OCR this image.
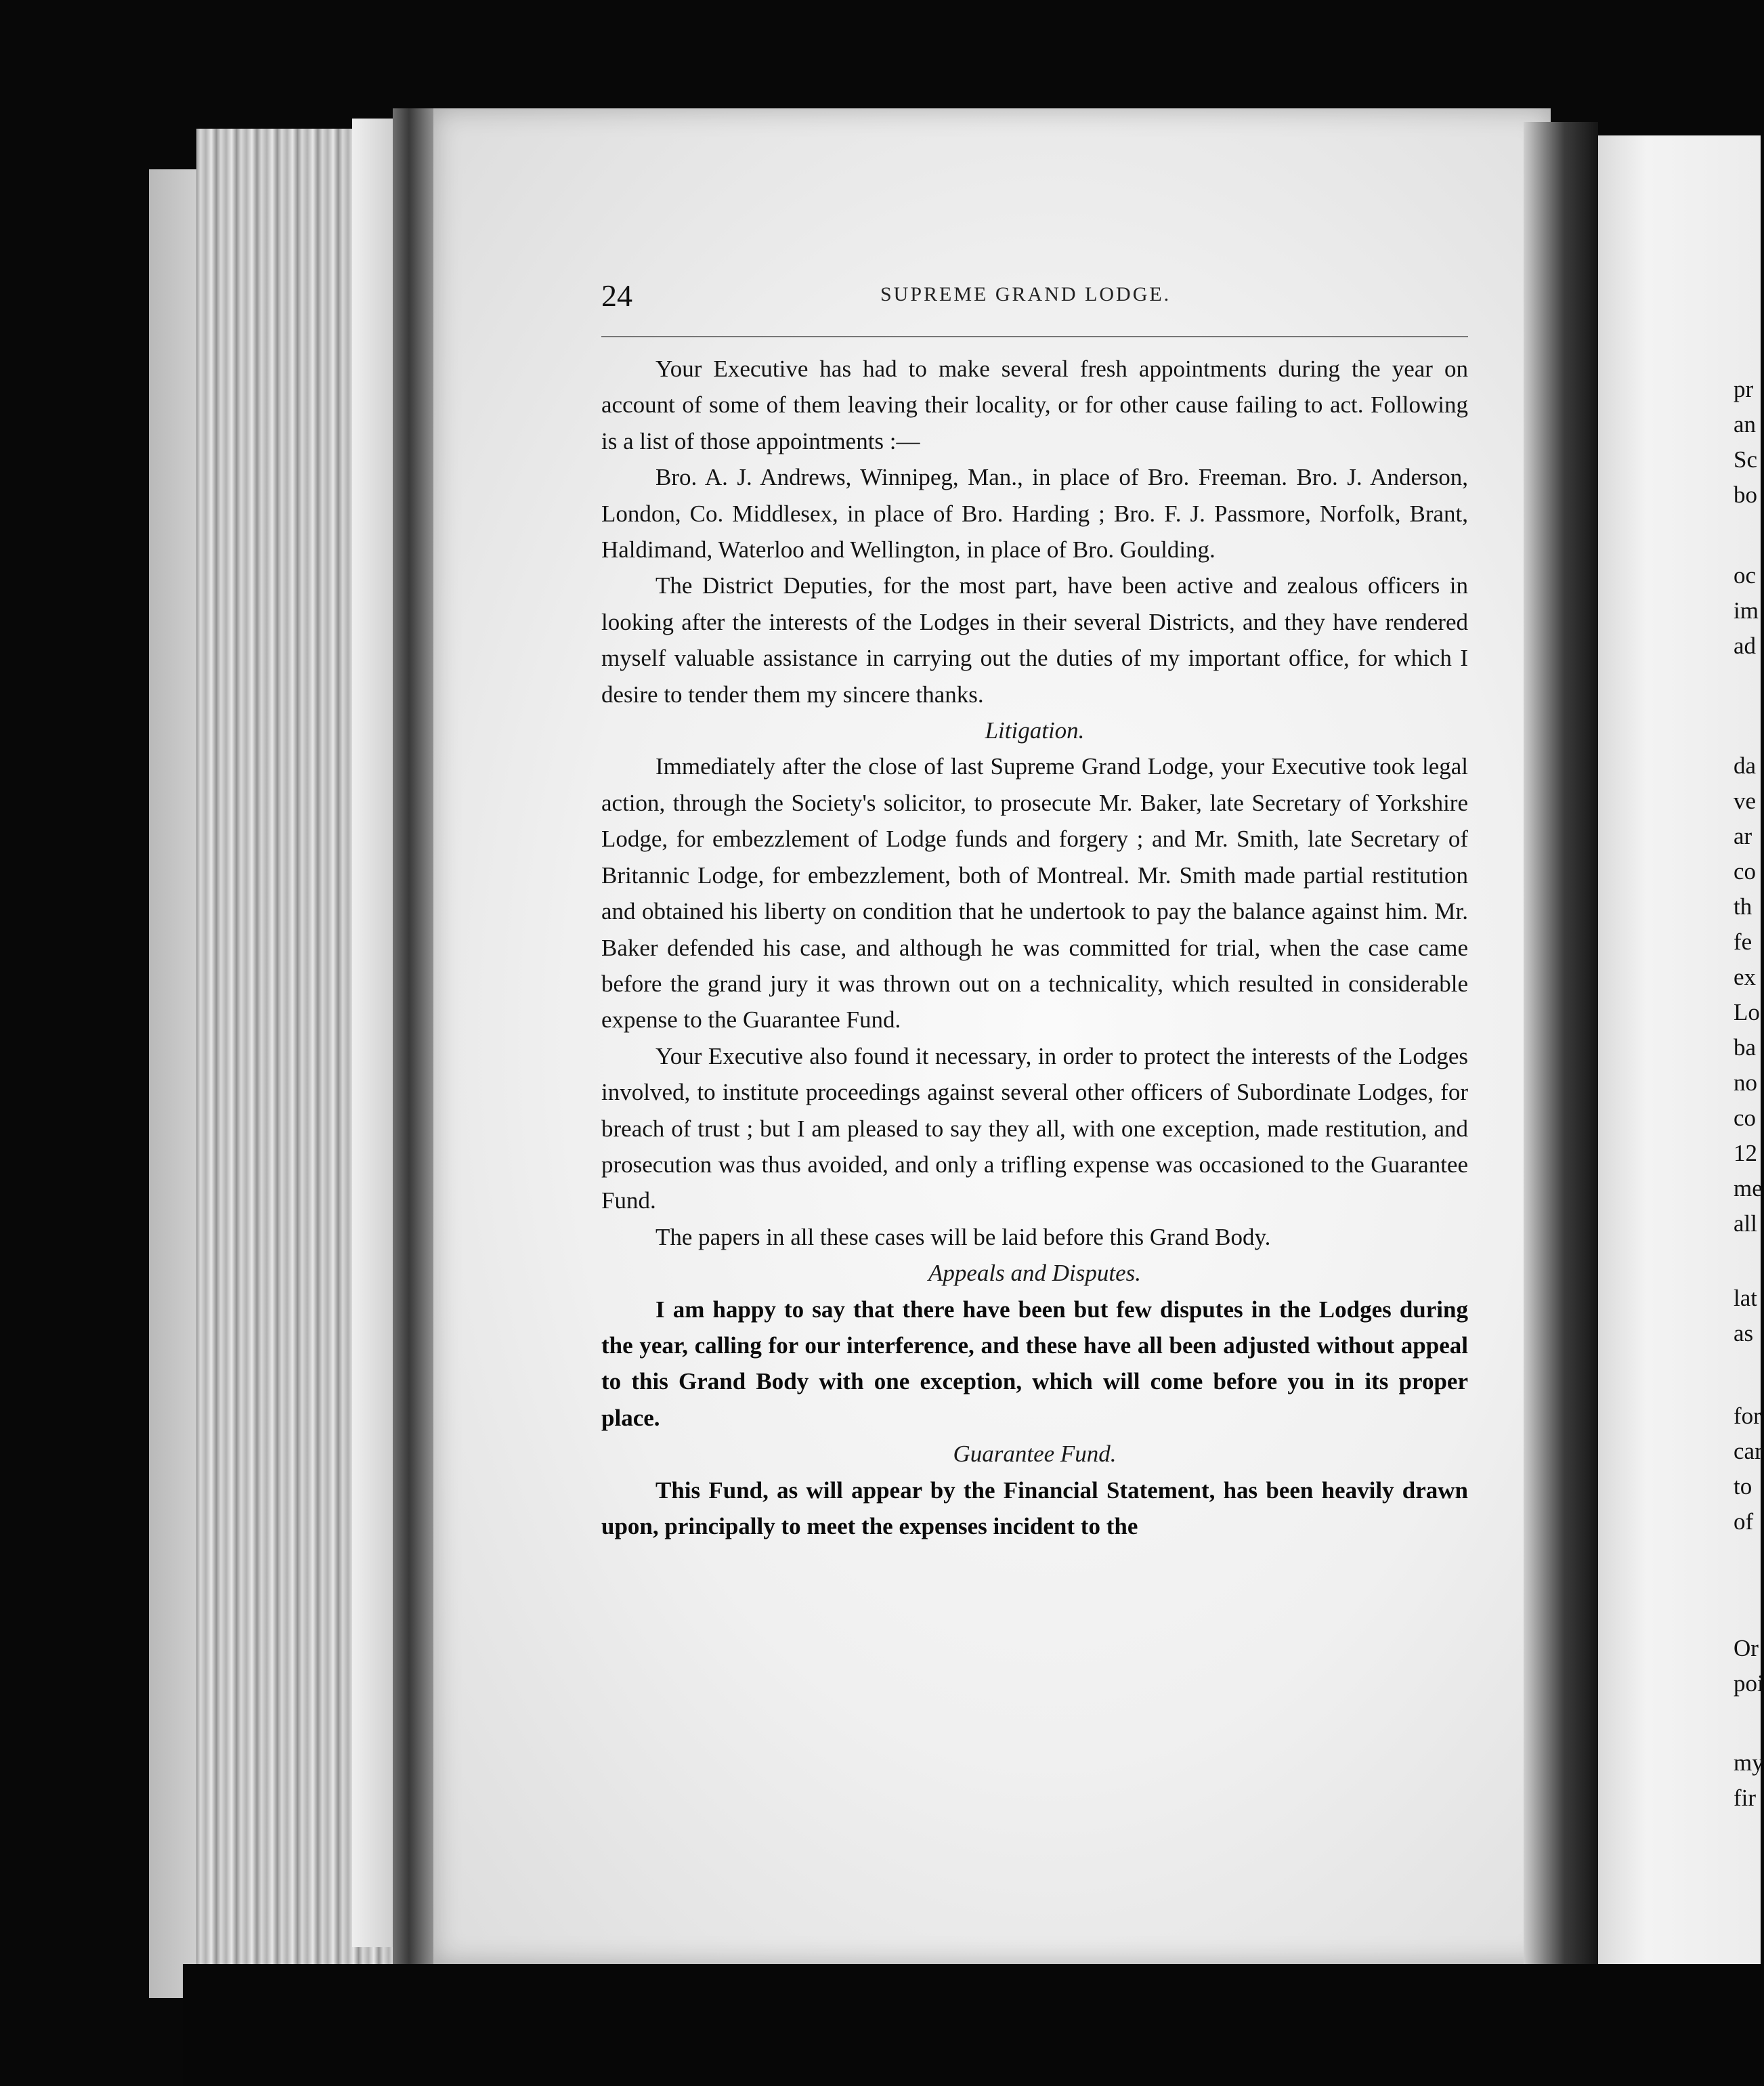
24	SUPREME GRAND LODGE.

Your Executive has had to make several fresh appointments during the year on account of some of them leaving their locality, or for other cause failing to act. Following is a list of those appointments :—

Bro. A. J. Andrews, Winnipeg, Man., in place of Bro. Freeman. Bro. J. Anderson, London, Co. Middlesex, in place of Bro. Harding ; Bro. F. J. Passmore, Norfolk, Brant, Haldimand, Waterloo and Wellington, in place of Bro. Goulding.

The District Deputies, for the most part, have been active and zealous officers in looking after the interests of the Lodges in their several Districts, and they have rendered myself valuable assistance in carrying out the duties of my important office, for which I desire to tender them my sincere thanks.

Litigation.

Immediately after the close of last Supreme Grand Lodge, your Executive took legal action, through the Society's solicitor, to prosecute Mr. Baker, late Secretary of Yorkshire Lodge, for embezzlement of Lodge funds and forgery ; and Mr. Smith, late Secretary of Britannic Lodge, for embezzlement, both of Montreal. Mr. Smith made partial restitution and obtained his liberty on condition that he undertook to pay the balance against him. Mr. Baker defended his case, and although he was committed for trial, when the case came before the grand jury it was thrown out on a technicality, which resulted in considerable expense to the Guarantee Fund.

Your Executive also found it necessary, in order to protect the interests of the Lodges involved, to institute proceedings against several other officers of Subordinate Lodges, for breach of trust ; but I am pleased to say they all, with one exception, made restitution, and prosecution was thus avoided, and only a trifling expense was occasioned to the Guarantee Fund.

The papers in all these cases will be laid before this Grand Body.

Appeals and Disputes.

I am happy to say that there have been but few disputes in the Lodges during the year, calling for our interference, and these have all been adjusted without appeal to this Grand Body with one exception, which will come before you in its proper place.

Guarantee Fund.

This Fund, as will appear by the Financial Statement, has been heavily drawn upon, principally to meet the expenses incident to the

pr
an
Sc
bo
oc
im
ad
da
ve
ar
co
th
fe
ex
Lo
ba
no
co
12
me
all
lat
as
for
car
to
of
Or
poi
my
fir
